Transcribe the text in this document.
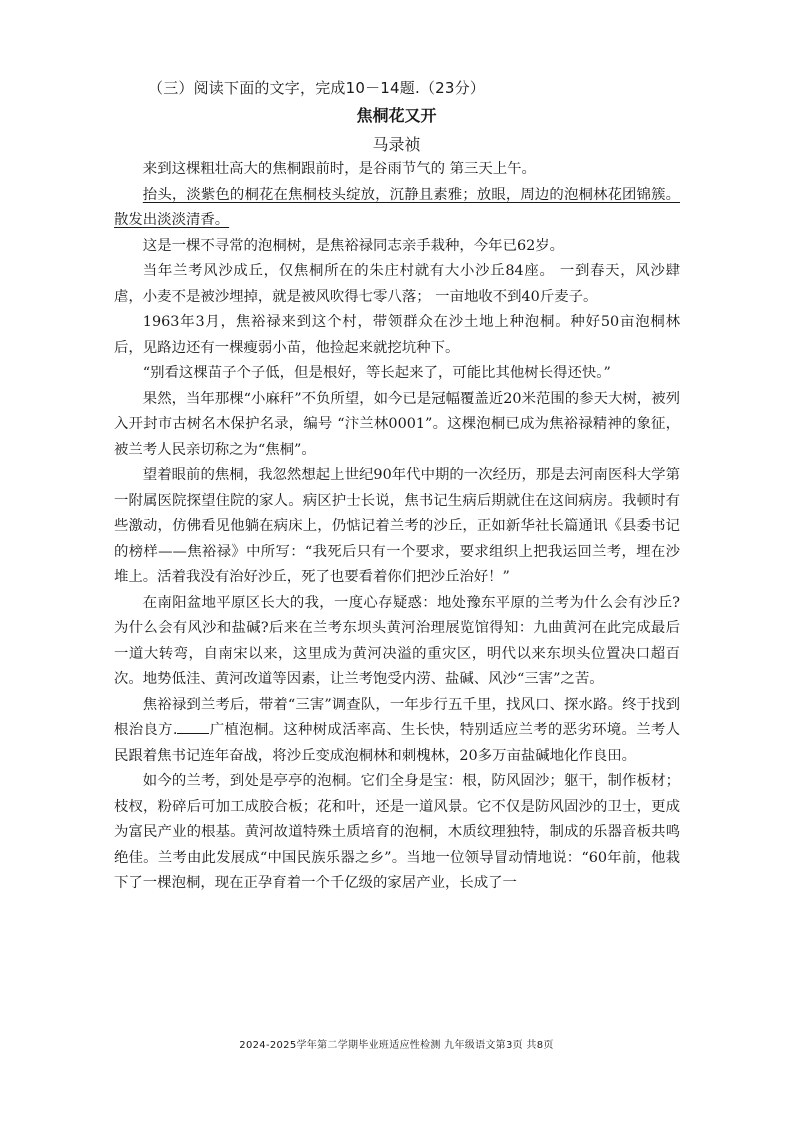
（三）阅读下面的文字，完成10－14题.（23分）
焦桐花又开
马录祯

来到这棵粗壮高大的焦桐跟前时，是谷雨节气的 第三天上午。

抬头，淡紫色的桐花在焦桐枝头绽放，沉静且素雅；放眼，周边的泡桐林花团锦簇。散发出淡淡清香。

这是一棵不寻常的泡桐树，是焦裕禄同志亲手栽种，今年已62岁。

当年兰考风沙成丘，仅焦桐所在的朱庄村就有大小沙丘84座。 一到春天，风沙肆虐，小麦不是被沙埋掉，就是被风吹得七零八落； 一亩地收不到40斤麦子。

1963年3月，焦裕禄来到这个村，带领群众在沙土地上种泡桐。种好50亩泡桐林后，见路边还有一棵瘦弱小苗，他捡起来就挖坑种下。

“别看这棵苗子个子低，但是根好，等长起来了，可能比其他树长得还快。”

果然，当年那棵“小麻秆”不负所望，如今已是冠幅覆盖近20米范围的参天大树，被列入开封市古树名木保护名录，编号 “汴兰林0001”。这棵泡桐已成为焦裕禄精神的象征，被兰考人民亲切称之为“焦桐”。

望着眼前的焦桐，我忽然想起上世纪90年代中期的一次经历，那是去河南医科大学第一附属医院探望住院的家人。病区护士长说，焦书记生病后期就住在这间病房。我顿时有些激动，仿佛看见他躺在病床上，仍惦记着兰考的沙丘，正如新华社长篇通讯《县委书记的榜样——焦裕禄》中所写：“我死后只有一个要求，要求组织上把我运回兰考，埋在沙堆上。活着我没有治好沙丘，死了也要看着你们把沙丘治好！”

在南阳盆地平原区长大的我，一度心存疑惑：地处豫东平原的兰考为什么会有沙丘?为什么会有风沙和盐碱?后来在兰考东坝头黄河治理展览馆得知：九曲黄河在此完成最后一道大转弯，自南宋以来，这里成为黄河决溢的重灾区，明代以来东坝头位置决口超百次。地势低洼、黄河改道等因素，让兰考饱受内涝、盐碱、风沙“三害”之苦。

焦裕禄到兰考后，带着“三害”调查队，一年步行五千里，找风口、探水路。终于找到根治良方. 广植泡桐。这种树成活率高、生长快，特别适应兰考的恶劣环境。兰考人民跟着焦书记连年奋战，将沙丘变成泡桐林和刺槐林，20多万亩盐碱地化作良田。

如今的兰考，到处是亭亭的泡桐。它们全身是宝：根，防风固沙；躯干，制作板材；枝杈，粉碎后可加工成胶合板；花和叶，还是一道风景。它不仅是防风固沙的卫士，更成为富民产业的根基。黄河故道特殊土质培育的泡桐，木质纹理独特，制成的乐器音板共鸣绝佳。兰考由此发展成“中国民族乐器之乡”。当地一位领导冒动情地说：“60年前，他栽下了一棵泡桐，现在正孕育着一个千亿级的家居产业，长成了一

2024-2025学年第二学期毕业班适应性检测 九年级语文第3页 共8页
